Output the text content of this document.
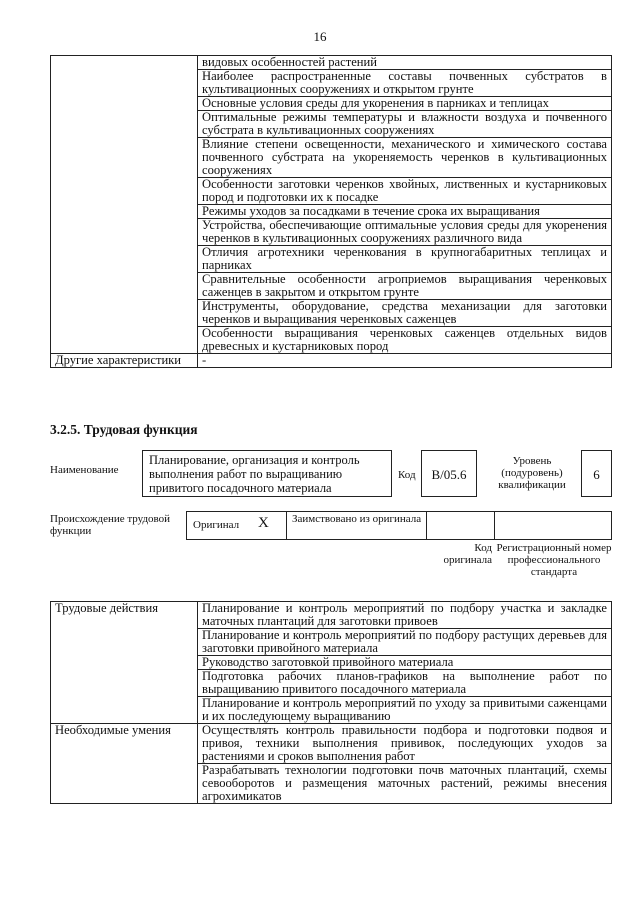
16
	видовых особенностей растений
	Наиболее распространенные составы почвенных субстратов в культивационных сооружениях и открытом грунте
	Основные условия среды для укоренения в парниках и теплицах
	Оптимальные режимы температуры и влажности воздуха и почвенного субстрата в культивационных сооружениях
	Влияние степени освещенности, механического и химического состава почвенного субстрата на укореняемость черенков в культивационных сооружениях
	Особенности заготовки черенков хвойных, лиственных и кустарниковых пород и подготовки их к посадке
	Режимы уходов за посадками в течение срока их выращивания
	Устройства, обеспечивающие оптимальные условия среды для укоренения черенков в культивационных сооружениях различного вида
	Отличия агротехники черенкования в крупногабаритных теплицах и парниках
	Сравнительные особенности агроприемов выращивания черенковых саженцев в закрытом и открытом грунте
	Инструменты, оборудование, средства механизации для заготовки черенков и выращивания черенковых саженцев
	Особенности выращивания черенковых саженцев отдельных видов древесных и кустарниковых пород
Другие характеристики	-
3.2.5. Трудовая функция
Наименование
Планирование, организация и контроль выполнения работ по выращиванию привитого посадочного материала
Код	B/05.6
Уровень (подуровень) квалификации
6
Происхождение трудовой функции	Оригинал X Заимствовано из оригинала
Код оригинала
Регистрационный номер профессионального стандарта
Трудовые действия	Планирование и контроль мероприятий по подбору участка и закладке маточных плантаций для заготовки привоев
	Планирование и контроль мероприятий по подбору растущих деревьев для заготовки привойного материала
	Руководство заготовкой привойного материала
	Подготовка рабочих планов-графиков на выполнение работ по выращиванию привитого посадочного материала
	Планирование и контроль мероприятий по уходу за привитыми саженцами и их последующему выращиванию
Необходимые умения	Осуществлять контроль правильности подбора и подготовки подвоя и привоя, техники выполнения прививок, последующих уходов за растениями и сроков выполнения работ
	Разрабатывать технологии подготовки почв маточных плантаций, схемы севооборотов и размещения маточных растений, режимы внесения агрохимикатов
